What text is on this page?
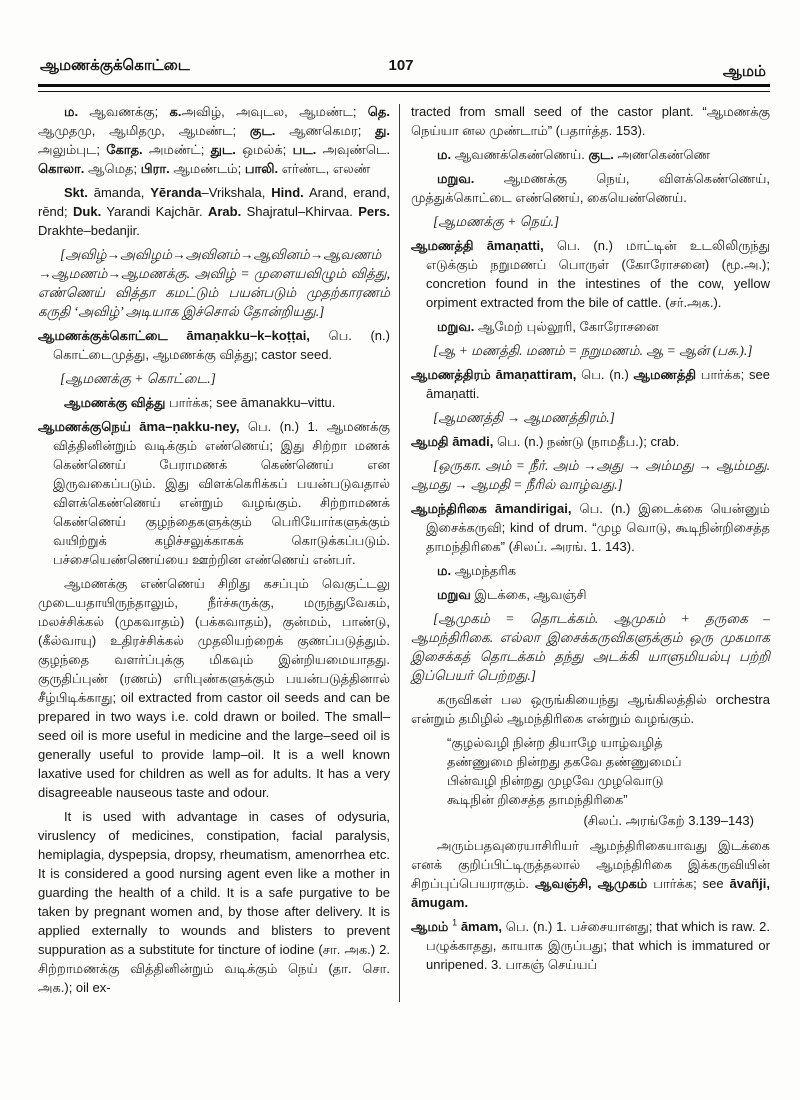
ஆமணக்குக்கொட்டை	107	ஆமம்

ம. ஆவணக்கு; க.அவிழ், அவுடல, ஆமண்ட; தெ. ஆமுதமு, ஆமிதமு, ஆமண்ட; குட. ஆணகெமர; து. அலும்புட; கோத. அமண்ட்; துட. ஒமல்க்; பட. அவுண்டெ. கொலா. ஆமெத; பிரா. ஆமண்டம்; பாலி. எர்ண்ட, எலண்

Skt. āmanda, Yēranda–Vrikshala, Hind. Arand, erand, rēnd; Duk. Yarandi Kajchār. Arab. Shajratul–Khirvaa. Pers. Drakhte–bedanjir.

[அவிழ்→அவிழம்→அவினம்→ஆவினம்→ஆவணம் →ஆமணம்→ஆமணக்கு. அவிழ் = முளையவிழும் வித்து, எண்ணெய் வித்தா கமட்டும் பயன்படும் முதற்காரணம் கருதி ‘அவிழ்’ அடியாக இச்சொல் தோன்றியது.]

ஆமணக்குக்கொட்டை āmaṇakku–k–koṭṭai, பெ. (n.) கொட்டைமுத்து, ஆமணக்கு வித்து; castor seed.

[ஆமணக்கு + கொட்டை.]

ஆமணக்கு வித்து பார்க்க; see āmanakku–vittu.

ஆமணக்குநெய் āma–ṇakku-ney, பெ. (n.) 1. ஆமணக்கு வித்தினின்றும் வடிக்கும் எண்ணெய்; இது சிற்றா மணக் கெண்ணெய் பேராமணக் கெண்ணெய் என இருவகைப்படும். இது விளக்கெரிக்கப் பயன்படுவதால் விளக்கெண்ணெய் என்றும் வழங்கும். சிற்றாமணக் கெண்ணெய் குழந்தைகளுக்கும் பெரியோர்களுக்கும் வயிற்றுக் கழிச்சலுக்காகக் கொடுக்கப்படும். பச்சையெண்ணெய்யை ஊற்றின எண்ணெய் என்பர்.

ஆமணக்கு எண்ணெய் சிறிது கசப்பும் வெகுட்டலு முடையதாயிருந்தாலும், நீர்ச்சுருக்கு, மருந்துவேகம், மலச்சிக்கல் (முகவாதம்) (பக்கவாதம்), குன்மம், பாண்டு, (கீல்வாயு) உதிரச்சிக்கல் முதலியற்றைக் குணப்படுத்தும். குழந்தை வளர்ப்புக்கு மிகவும் இன்றியமையாதது. குருதிப்புண் (ரணம்) எரிபுண்களுக்கும் பயன்படுத்தினால் சீழ்பிடிக்காது; oil extracted from castor oil seeds and can be prepared in two ways i.e. cold drawn or boiled. The small–seed oil is more useful in medicine and the large–seed oil is generally useful to provide lamp–oil. It is a well known laxative used for children as well as for adults. It has a very disagreeable nauseous taste and odour.

It is used with advantage in cases of odysuria, viruslency of medicines, constipation, facial paralysis, hemiplagia, dyspepsia, dropsy, rheumatism, amenorrhea etc. It is considered a good nursing agent even like a mother in guarding the health of a child. It is a safe purgative to be taken by pregnant women and, by those after delivery. It is applied externally to wounds and blisters to prevent suppuration as a substitute for tincture of iodine (சா. அக.) 2. சிற்றாமணக்கு வித்தினின்றும் வடிக்கும் நெய் (தா. சொ. அக.); oil ex-

tracted from small seed of the castor plant. “ஆமணக்கு நெய்யா னல முண்டாம்” (பதார்த்த. 153).

ம. ஆவணக்கெண்ணெய். குட. அணகெண்ணெ

மறுவ. ஆமணக்கு நெய், விளக்கெண்ணெய், முத்துக்கொட்டை எண்ணெய், கையெண்ணெய்.

[ஆமணக்கு + நெய்.]

ஆமணத்தி āmaṇatti, பெ. (n.) மாட்டின் உடலிலிருந்து எடுக்கும் நறுமணப் பொருள் (கோரோசனை) (மூ.அ.); concretion found in the intestines of the cow, yellow orpiment extracted from the bile of cattle. (சர்.அக.).

மறுவ. ஆமேற் புல்லூரி, கோரோசனை

[ஆ + மணத்தி. மணம் = நறுமணம். ஆ = ஆன் (பசு.).]

ஆமணத்திரம் āmaṇattiram, பெ. (n.) ஆமணத்தி பார்க்க; see āmaṇatti.

[ஆமணத்தி → ஆமணத்திரம்.]

ஆமதி āmadi, பெ. (n.) நண்டு (நாமதீப.); crab.

[ஒருகா. அம் = நீர். அம் →அது → அம்மது → ஆம்மது. ஆமது → ஆமதி = நீரில் வாழ்வது.]

ஆமந்திரிகை āmandirigai, பெ. (n.) இடைக்கை யென்னும் இசைக்கருவி; kind of drum. “முழ வொடு, கூடிநின்றிசைத்த தாமந்திரிகை” (சிலப். அரங். 1. 143).

ம. ஆமந்தரிக

மறுவ இடக்கை, ஆவஞ்சி

[ஆமுகம் = தொடக்கம். ஆமுகம் + தருகை – ஆமந்திரிகை. எல்லா இசைக்கருவிகளுக்கும் ஒரு முகமாக இசைக்கத் தொடக்கம் தந்து அடக்கி யாளுமியல்பு பற்றி இப்பெயர் பெற்றது.]

கருவிகள் பல ஒருங்கியைந்து ஆங்கிலத்தில் orchestra என்றும் தமிழில் ஆமந்திரிகை என்றும் வழங்கும்.

“குழல்வழி நின்ற தியாழே யாழ்வழித்
தண்ணுமை நின்றது தகவே தண்ணுமைப்
பின்வழி நின்றது முழவே முழவொடு
கூடிநின் றிசைத்த தாமந்திரிகை”

(சிலப். அரங்கேற் 3.139–143)

அரும்பதவுரையாசிரியர் ஆமந்திரிகையாவது இடக்கை எனக் குறிப்பிட்டிருத்தலால் ஆமந்திரிகை இக்கருவியின் சிறப்புப்பெயராகும். ஆவஞ்சி, ஆமுகம் பார்க்க; see āvañji, āmugam.

ஆமம் $^1$ āmam, பெ. (n.) 1. பச்சையானது; that which is raw. 2. பழுக்காதது, காயாக இருப்பது; that which is immatured or unripened. 3. பாகஞ் செய்யப்
